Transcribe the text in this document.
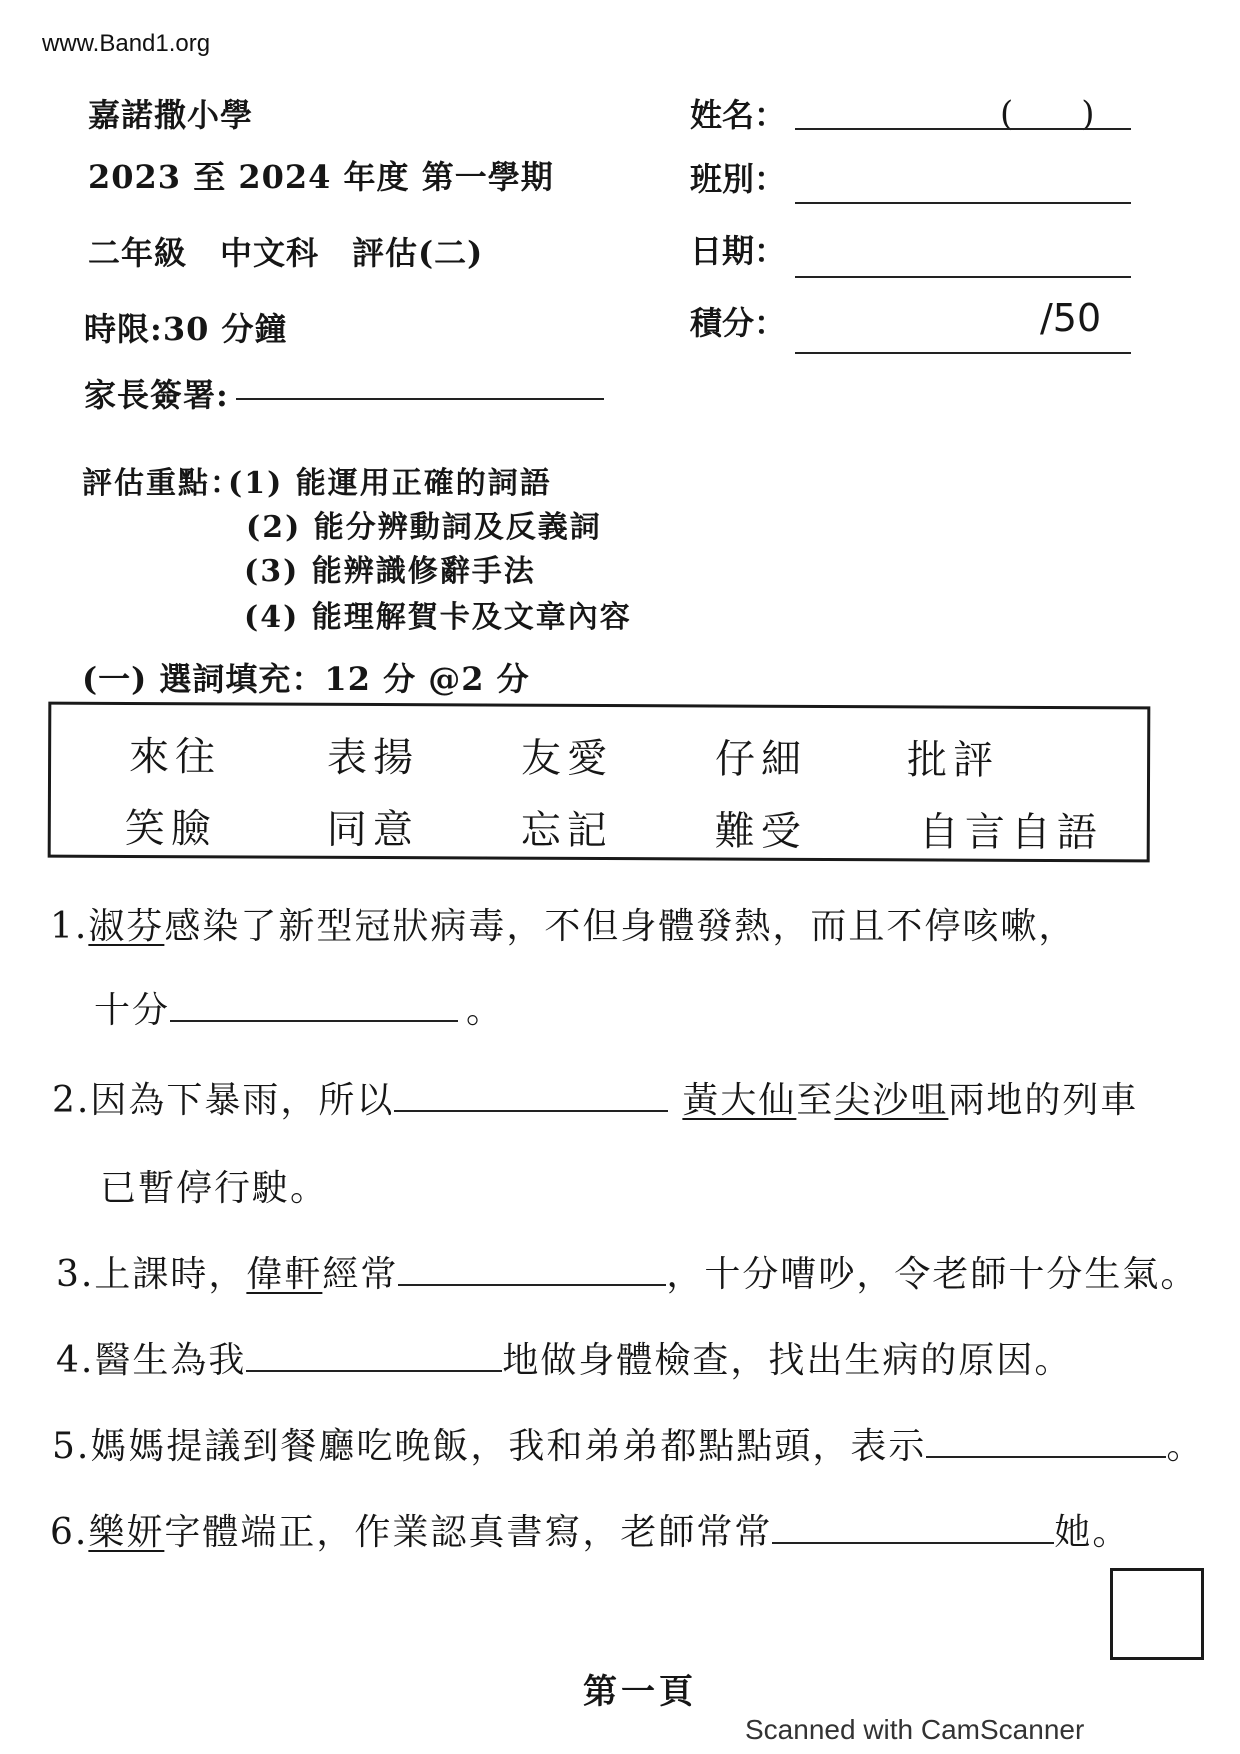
www.Band1.org
嘉諾撒小學
2023 至 2024 年度 第一學期
二年級　中文科　評估(二)
時限:30 分鐘
家長簽署:
姓名：	(　　)
班別：
日期：
積分：	/50
評估重點：
(1) 能運用正確的詞語
(2) 能分辨動詞及反義詞
(3) 能辨識修辭手法
(4) 能理解賀卡及文章內容
(一) 選詞填充：12 分 @2 分
來往	表揚	友愛	仔細 批評
笑臉	同意	忘記	難受	自言自語
1.淑芬感染了新型冠狀病毒，不但身體發熱，而且不停咳嗽，
十分	。
2.因為下暴雨，所以	黃大仙至尖沙咀兩地的列車
已暫停行駛。
3.上課時，偉軒經常	，十分嘈吵，令老師十分生氣。
4.醫生為我	地做身體檢查，找出生病的原因。
5.媽媽提議到餐廳吃晚飯，我和弟弟都點點頭，表示	。
6.樂妍字體端正，作業認真書寫，老師常常	她。
第一頁
Scanned with CamScanner
